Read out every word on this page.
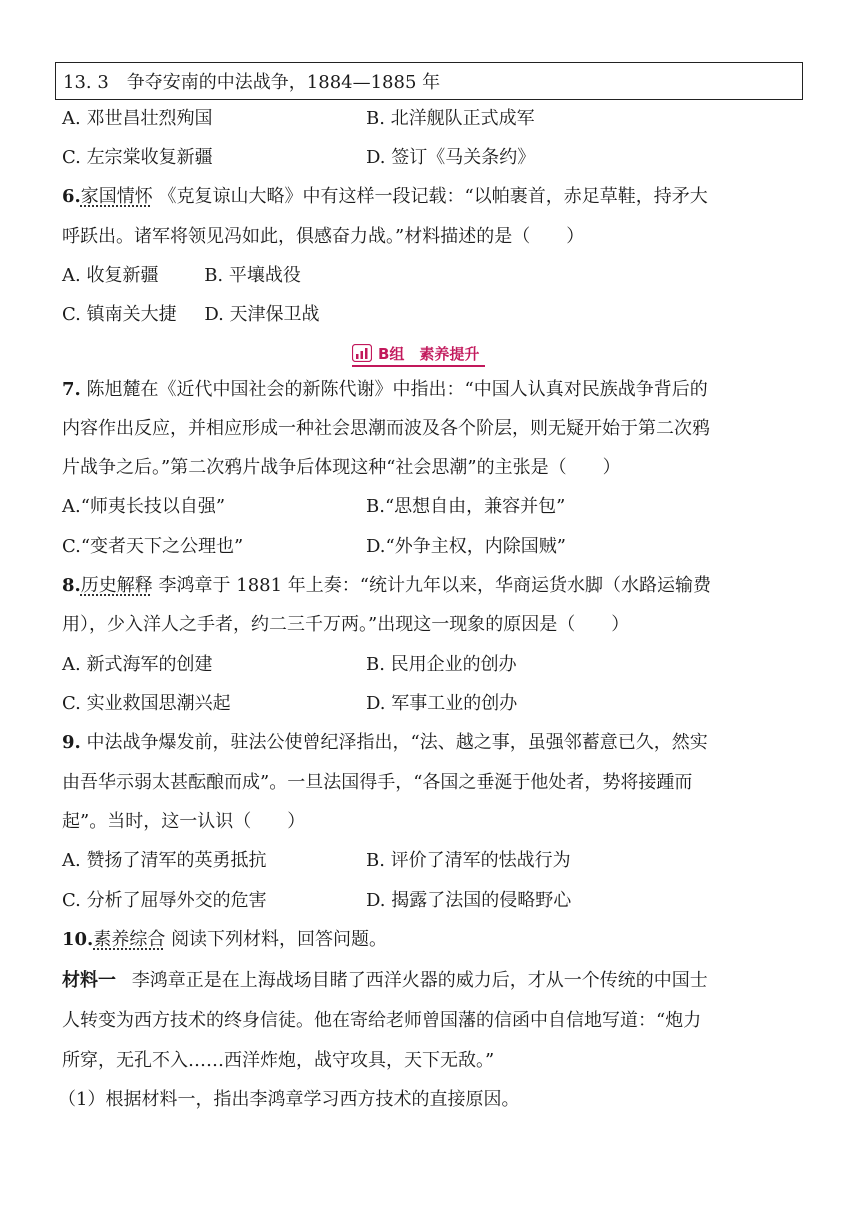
13. 3　争夺安南的中法战争，1884—1885 年
A. 邓世昌壮烈殉国	B. 北洋舰队正式成军
C. 左宗棠收复新疆	D. 签订《马关条约》
6.家国情怀 《克复谅山大略》中有这样一段记载：“以帕裹首，赤足草鞋，持矛大
呼跃出。诸军将领见冯如此，俱感奋力战。”材料描述的是（　　）
A. 收复新疆	B. 平壤战役
C. 镇南关大捷 D. 天津保卫战
B组　素养提升
7. 陈旭麓在《近代中国社会的新陈代谢》中指出：“中国人认真对民族战争背后的
内容作出反应，并相应形成一种社会思潮而波及各个阶层，则无疑开始于第二次鸦
片战争之后。”第二次鸦片战争后体现这种“社会思潮”的主张是（　　）
A.“师夷长技以自强”	B.“思想自由，兼容并包”
C.“变者天下之公理也”	D.“外争主权，内除国贼”
8.历史解释 李鸿章于 1881 年上奏：“统计九年以来，华商运货水脚（水路运输费
用），少入洋人之手者，约二三千万两。”出现这一现象的原因是（　　）
A. 新式海军的创建	B. 民用企业的创办
C. 实业救国思潮兴起	D. 军事工业的创办
9. 中法战争爆发前，驻法公使曾纪泽指出，“法、越之事，虽强邻蓄意已久，然实
由吾华示弱太甚酝酿而成”。一旦法国得手，“各国之垂涎于他处者，势将接踵而
起”。当时，这一认识（　　）
A. 赞扬了清军的英勇抵抗	B. 评价了清军的怯战行为
C. 分析了屈辱外交的危害	D. 揭露了法国的侵略野心
10.素养综合 阅读下列材料，回答问题。
材料一 李鸿章正是在上海战场目睹了西洋火器的威力后，才从一个传统的中国士
人转变为西方技术的终身信徒。他在寄给老师曾国藩的信函中自信地写道：“炮力
所穿，无孔不入……西洋炸炮，战守攻具，天下无敌。”
（1）根据材料一，指出李鸿章学习西方技术的直接原因。
